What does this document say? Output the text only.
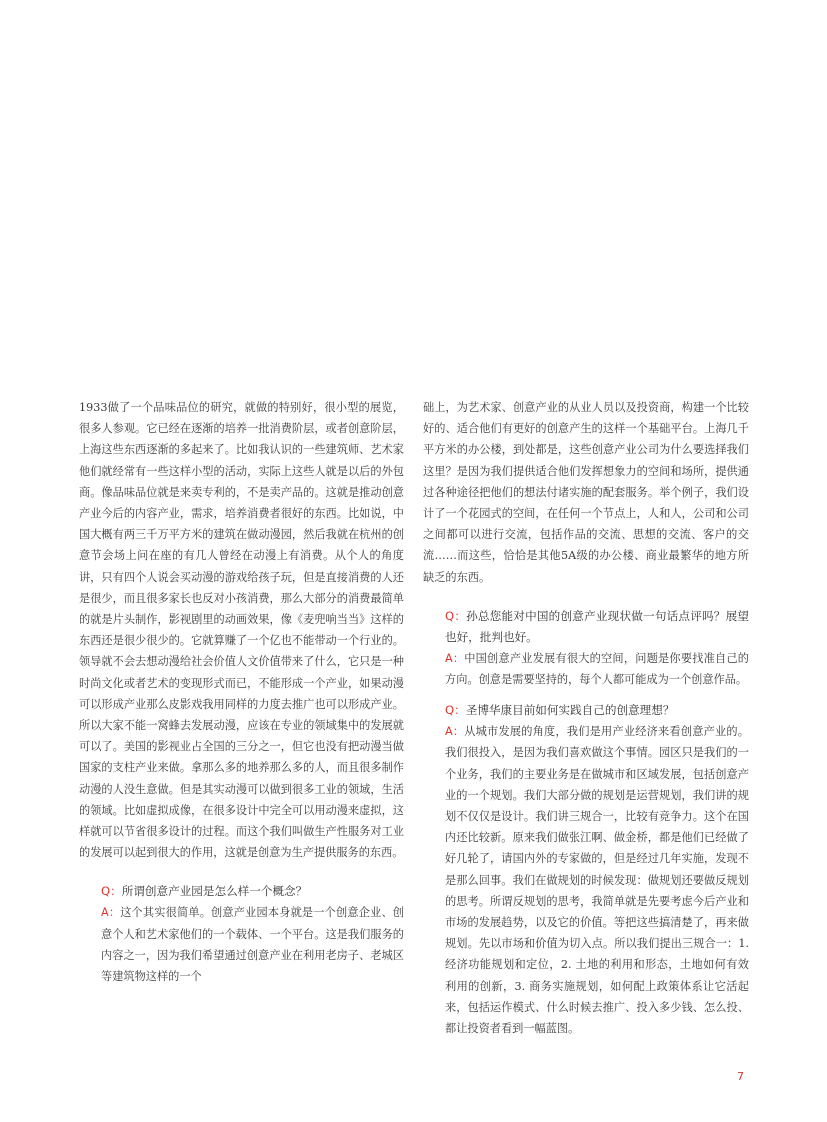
1933做了一个品味品位的研究，就做的特别好，很小型的展览，很多人参观。它已经在逐渐的培养一批消费阶层，或者创意阶层，上海这些东西逐渐的多起来了。比如我认识的一些建筑师、艺术家他们就经常有一些这样小型的活动，实际上这些人就是以后的外包商。像品味品位就是来卖专利的，不是卖产品的。这就是推动创意产业今后的内容产业，需求，培养消费者很好的东西。比如说，中国大概有两三千万平方米的建筑在做动漫园，然后我就在杭州的创意节会场上问在座的有几人曾经在动漫上有消费。从个人的角度讲，只有四个人说会买动漫的游戏给孩子玩，但是直接消费的人还是很少，而且很多家长也反对小孩消费，那么大部分的消费最简单的就是片头制作，影视剧里的动画效果，像《麦兜响当当》这样的东西还是很少很少的。它就算赚了一个亿也不能带动一个行业的。领导就不会去想动漫给社会价值人文价值带来了什么，它只是一种时尚文化或者艺术的变现形式而已，不能形成一个产业，如果动漫可以形成产业那么皮影戏我用同样的力度去推广也可以形成产业。所以大家不能一窝蜂去发展动漫，应该在专业的领域集中的发展就可以了。美国的影视业占全国的三分之一，但它也没有把动漫当做国家的支柱产业来做。拿那么多的地养那么多的人，而且很多制作动漫的人没生意做。但是其实动漫可以做到很多工业的领域，生活的领域。比如虚拟成像，在很多设计中完全可以用动漫来虚拟，这样就可以节省很多设计的过程。而这个我们叫做生产性服务对工业的发展可以起到很大的作用，这就是创意为生产提供服务的东西。

Q：所谓创意产业园是怎么样一个概念？

A：这个其实很简单。创意产业园本身就是一个创意企业、创意个人和艺术家他们的一个载体、一个平台。这是我们服务的内容之一，因为我们希望通过创意产业在利用老房子、老城区等建筑物这样的一个

础上，为艺术家、创意产业的从业人员以及投资商，构建一个比较好的、适合他们有更好的创意产生的这样一个基础平台。上海几千平方米的办公楼，到处都是，这些创意产业公司为什么要选择我们这里？是因为我们提供适合他们发挥想象力的空间和场所，提供通过各种途径把他们的想法付诸实施的配套服务。举个例子，我们设计了一个花园式的空间，在任何一个节点上，人和人，公司和公司之间都可以进行交流，包括作品的交流、思想的交流、客户的交流……而这些，恰恰是其他5A级的办公楼、商业最繁华的地方所缺乏的东西。

Q：孙总您能对中国的创意产业现状做一句话点评吗？展望也好，批判也好。

A：中国创意产业发展有很大的空间，问题是你要找准自己的方向。创意是需要坚持的，每个人都可能成为一个创意作品。

Q：圣博华康目前如何实践自己的创意理想？

A：从城市发展的角度，我们是用产业经济来看创意产业的。我们很投入，是因为我们喜欢做这个事情。园区只是我们的一个业务，我们的主要业务是在做城市和区域发展，包括创意产业的一个规划。我们大部分做的规划是运营规划，我们讲的规划不仅仅是设计。我们讲三规合一，比较有竞争力。这个在国内还比较新。原来我们做张江啊、做金桥，都是他们已经做了好几轮了，请国内外的专家做的，但是经过几年实施，发现不是那么回事。我们在做规划的时候发现：做规划还要做反规划的思考。所谓反规划的思考，我简单就是先要考虑今后产业和市场的发展趋势，以及它的价值。等把这些搞清楚了，再来做规划。先以市场和价值为切入点。所以我们提出三规合一：1. 经济功能规划和定位，2. 土地的利用和形态，土地如何有效利用的创新，3. 商务实施规划，如何配上政策体系让它活起来，包括运作模式、什么时候去推广、投入多少钱、怎么投、都让投资者看到一幅蓝图。

7
